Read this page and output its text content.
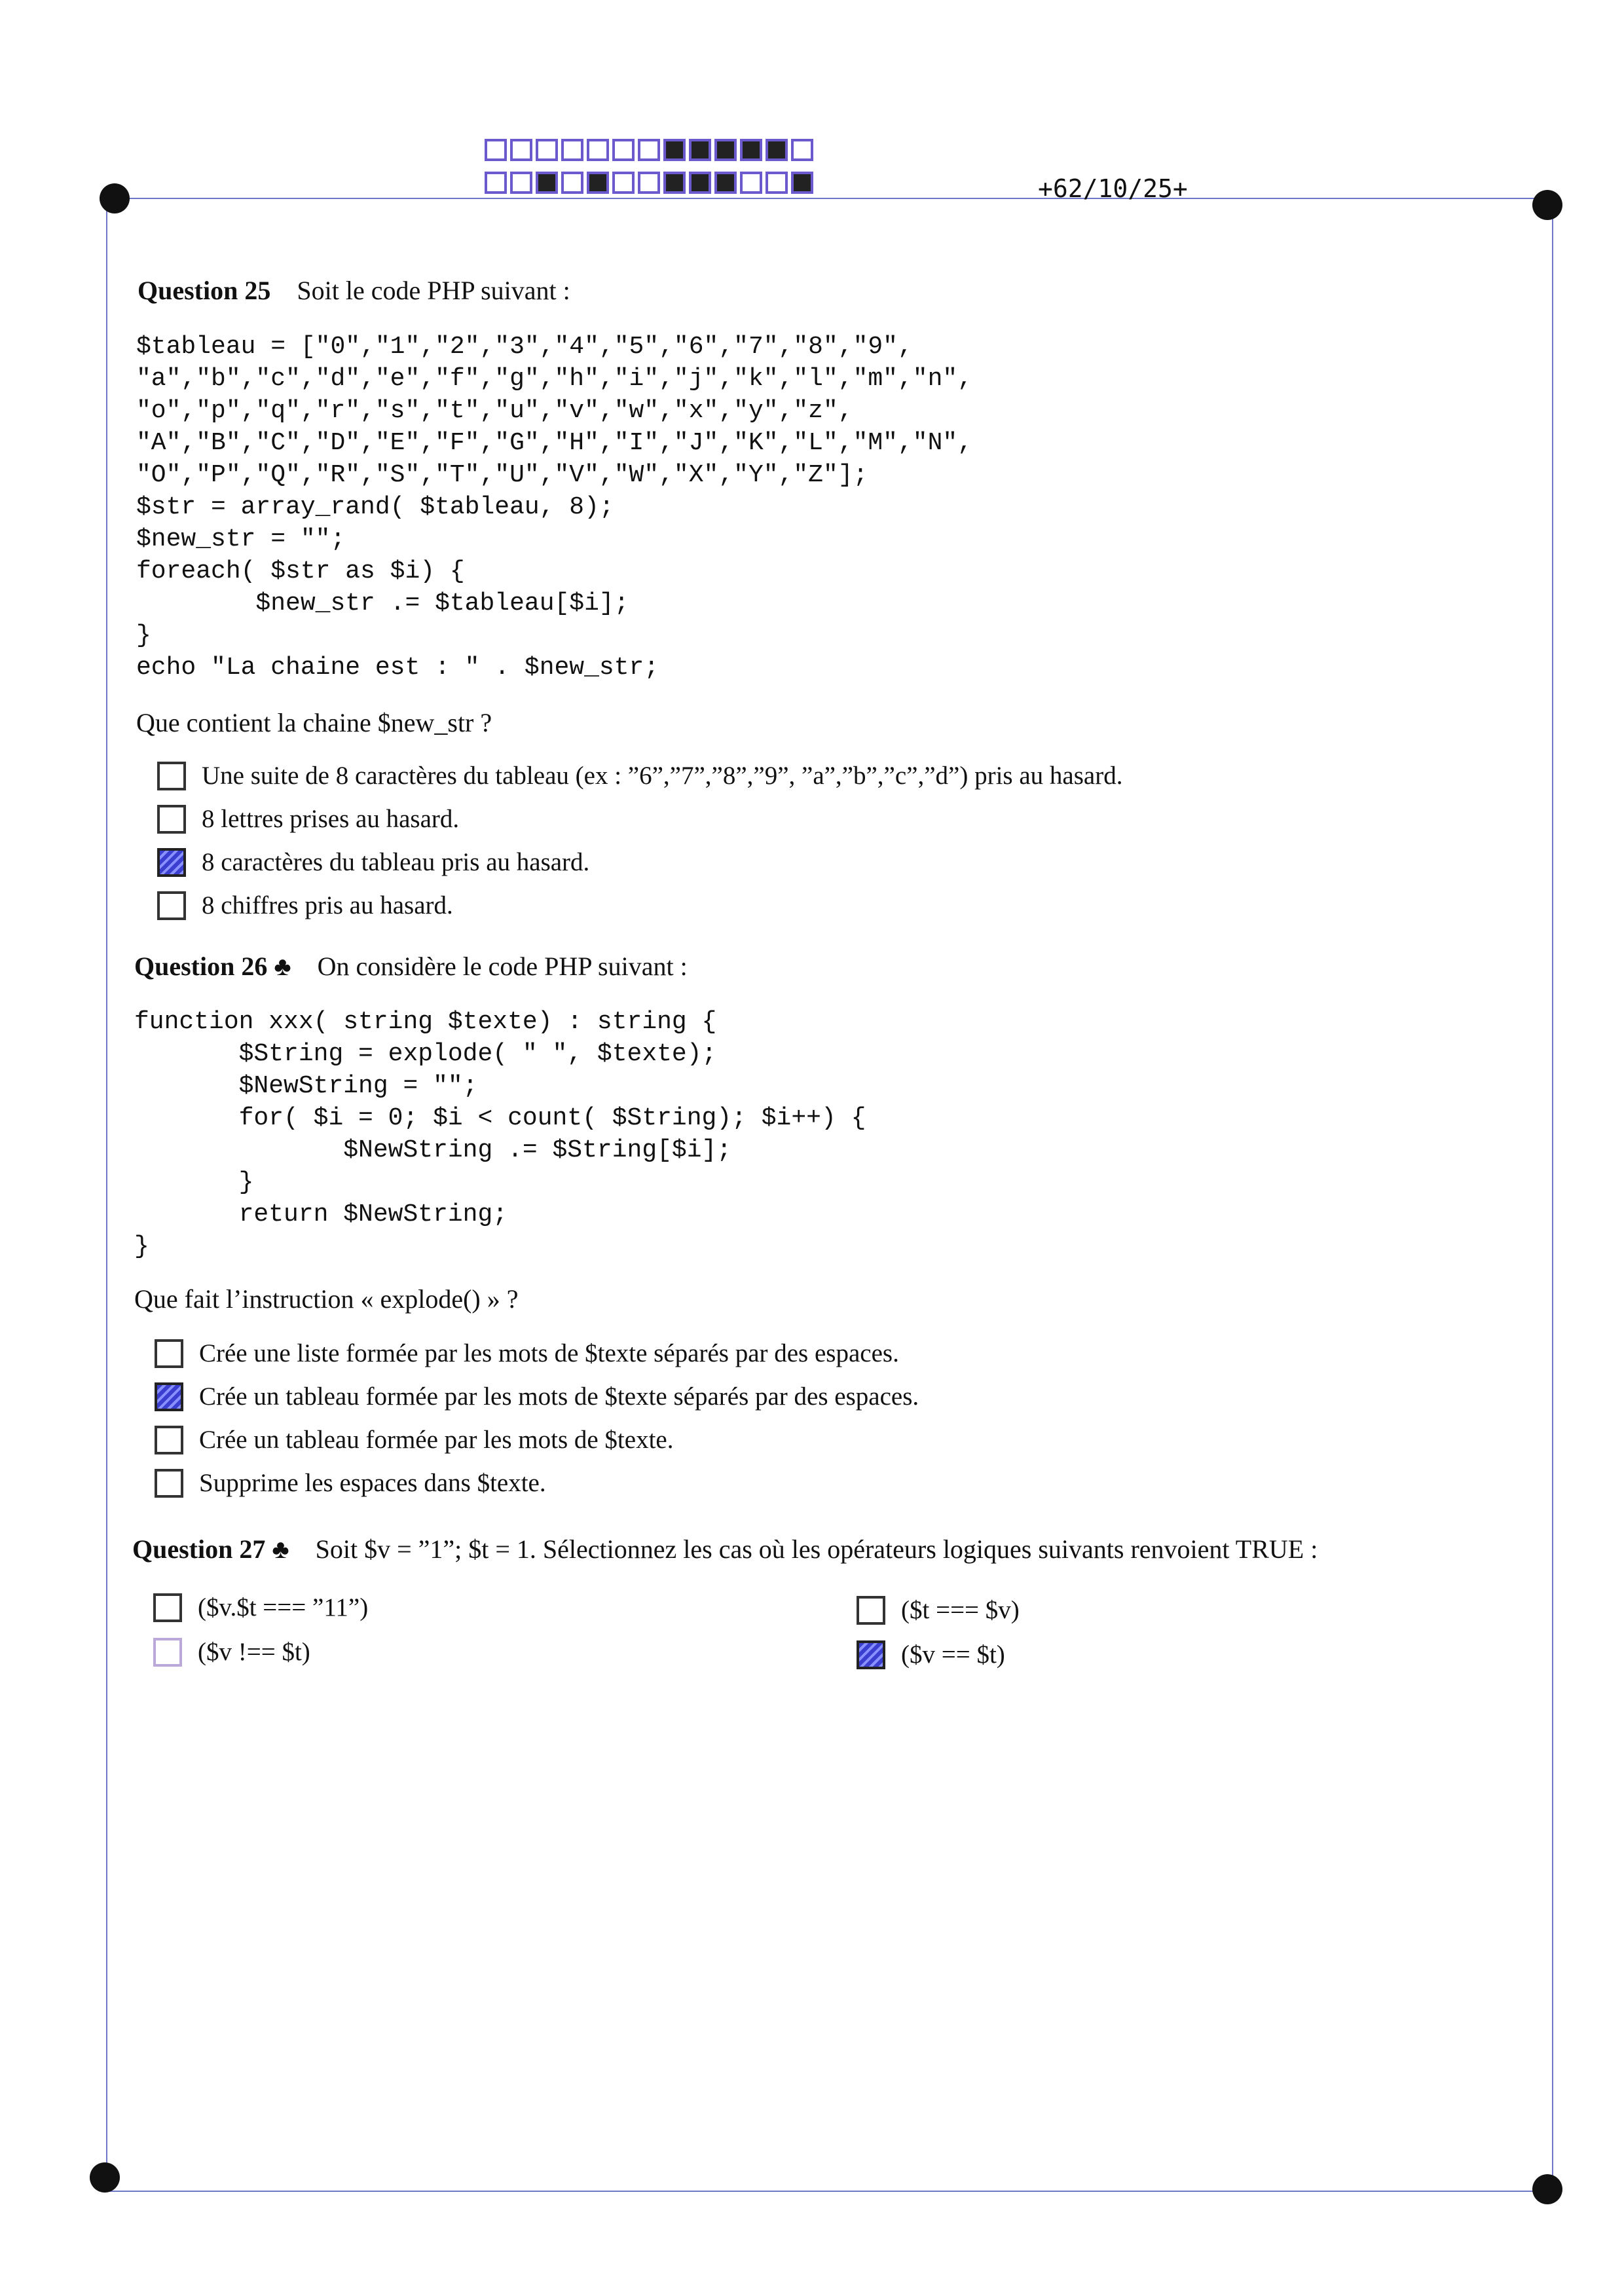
+62/10/25+
Question 25 Soit le code PHP suivant :
$tableau = ["0","1","2","3","4","5","6","7","8","9",
"a","b","c","d","e","f","g","h","i","j","k","l","m","n",
"o","p","q","r","s","t","u","v","w","x","y","z",
"A","B","C","D","E","F","G","H","I","J","K","L","M","N",
"O","P","Q","R","S","T","U","V","W","X","Y","Z"];
$str = array_rand( $tableau, 8);
$new_str = "";
foreach( $str as $i) {
$new_str .= $tableau[$i];
}
echo "La chaine est : " . $new_str;
Que contient la chaine $new_str ?
Une suite de 8 caractères du tableau (ex : ”6”,”7”,”8”,”9”, ”a”,”b”,”c”,”d”) pris au hasard.
8 lettres prises au hasard.
8 caractères du tableau pris au hasard.
8 chiffres pris au hasard.
Question 26 ♣ On considère le code PHP suivant :
function xxx( string $texte) : string {
$String = explode( " ", $texte);
$NewString = "";
for( $i = 0; $i < count( $String); $i++) {
$NewString .= $String[$i];
}
return $NewString;
}
Que fait l’instruction « explode() » ?
Crée une liste formée par les mots de $texte séparés par des espaces.
Crée un tableau formée par les mots de $texte séparés par des espaces.
Crée un tableau formée par les mots de $texte.
Supprime les espaces dans $texte.
Question 27 ♣ Soit $v = ”1”; $t = 1. Sélectionnez les cas où les opérateurs logiques suivants renvoient TRUE :
($v.$t === ”11”)
($v !== $t)
($t === $v)
($v == $t)
